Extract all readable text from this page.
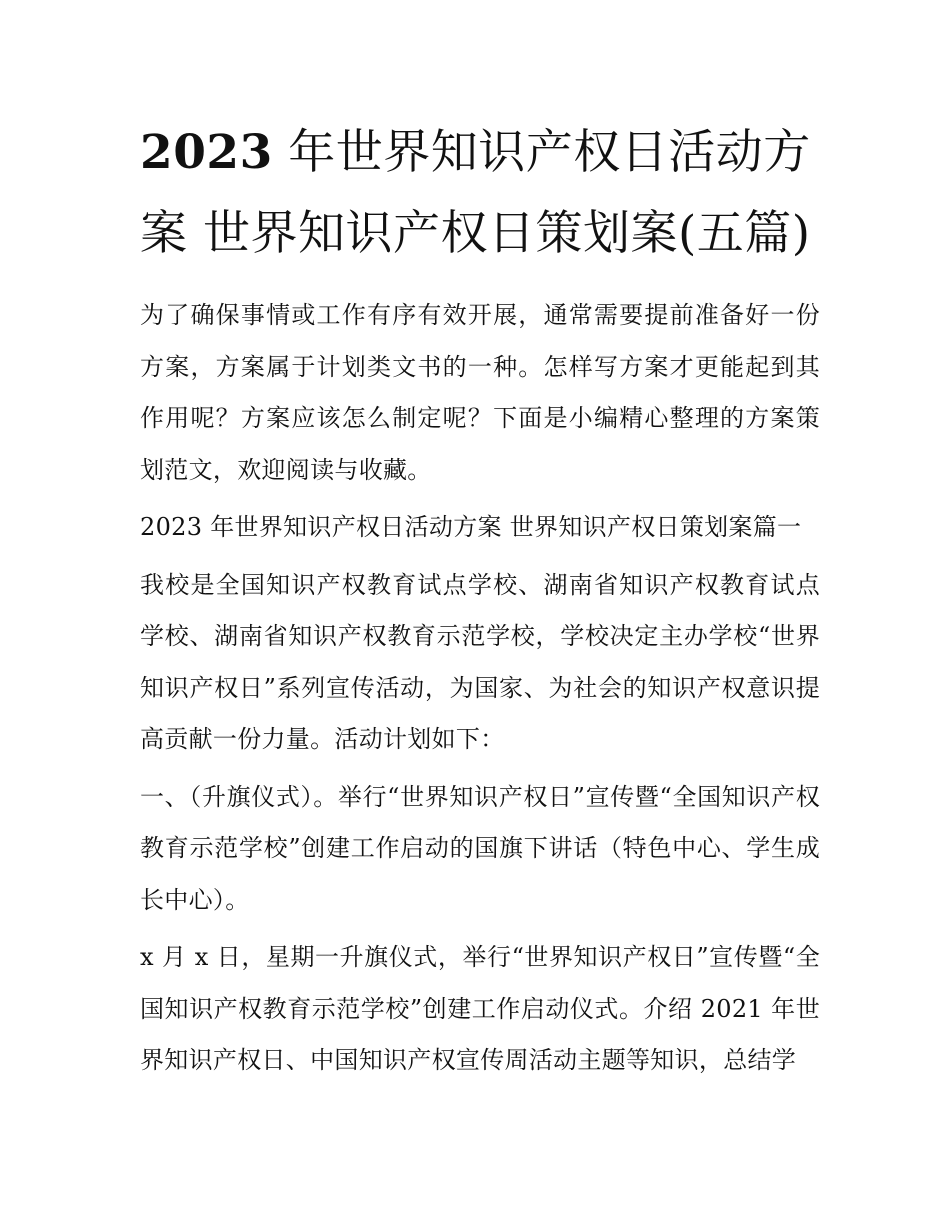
2023 年世界知识产权日活动方案 世界知识产权日策划案(五篇)

为了确保事情或工作有序有效开展，通常需要提前准备好一份方案，方案属于计划类文书的一种。怎样写方案才更能起到其作用呢？方案应该怎么制定呢？下面是小编精心整理的方案策划范文，欢迎阅读与收藏。

2023 年世界知识产权日活动方案 世界知识产权日策划案篇一

我校是全国知识产权教育试点学校、湖南省知识产权教育试点学校、湖南省知识产权教育示范学校，学校决定主办学校“世界知识产权日”系列宣传活动，为国家、为社会的知识产权意识提高贡献一份力量。活动计划如下：

一、（升旗仪式）。举行“世界知识产权日”宣传暨“全国知识产权教育示范学校”创建工作启动的国旗下讲话（特色中心、学生成长中心）。

x 月 x 日，星期一升旗仪式，举行“世界知识产权日”宣传暨“全国知识产权教育示范学校”创建工作启动仪式。介绍 2021 年世界知识产权日、中国知识产权宣传周活动主题等知识，总结学
